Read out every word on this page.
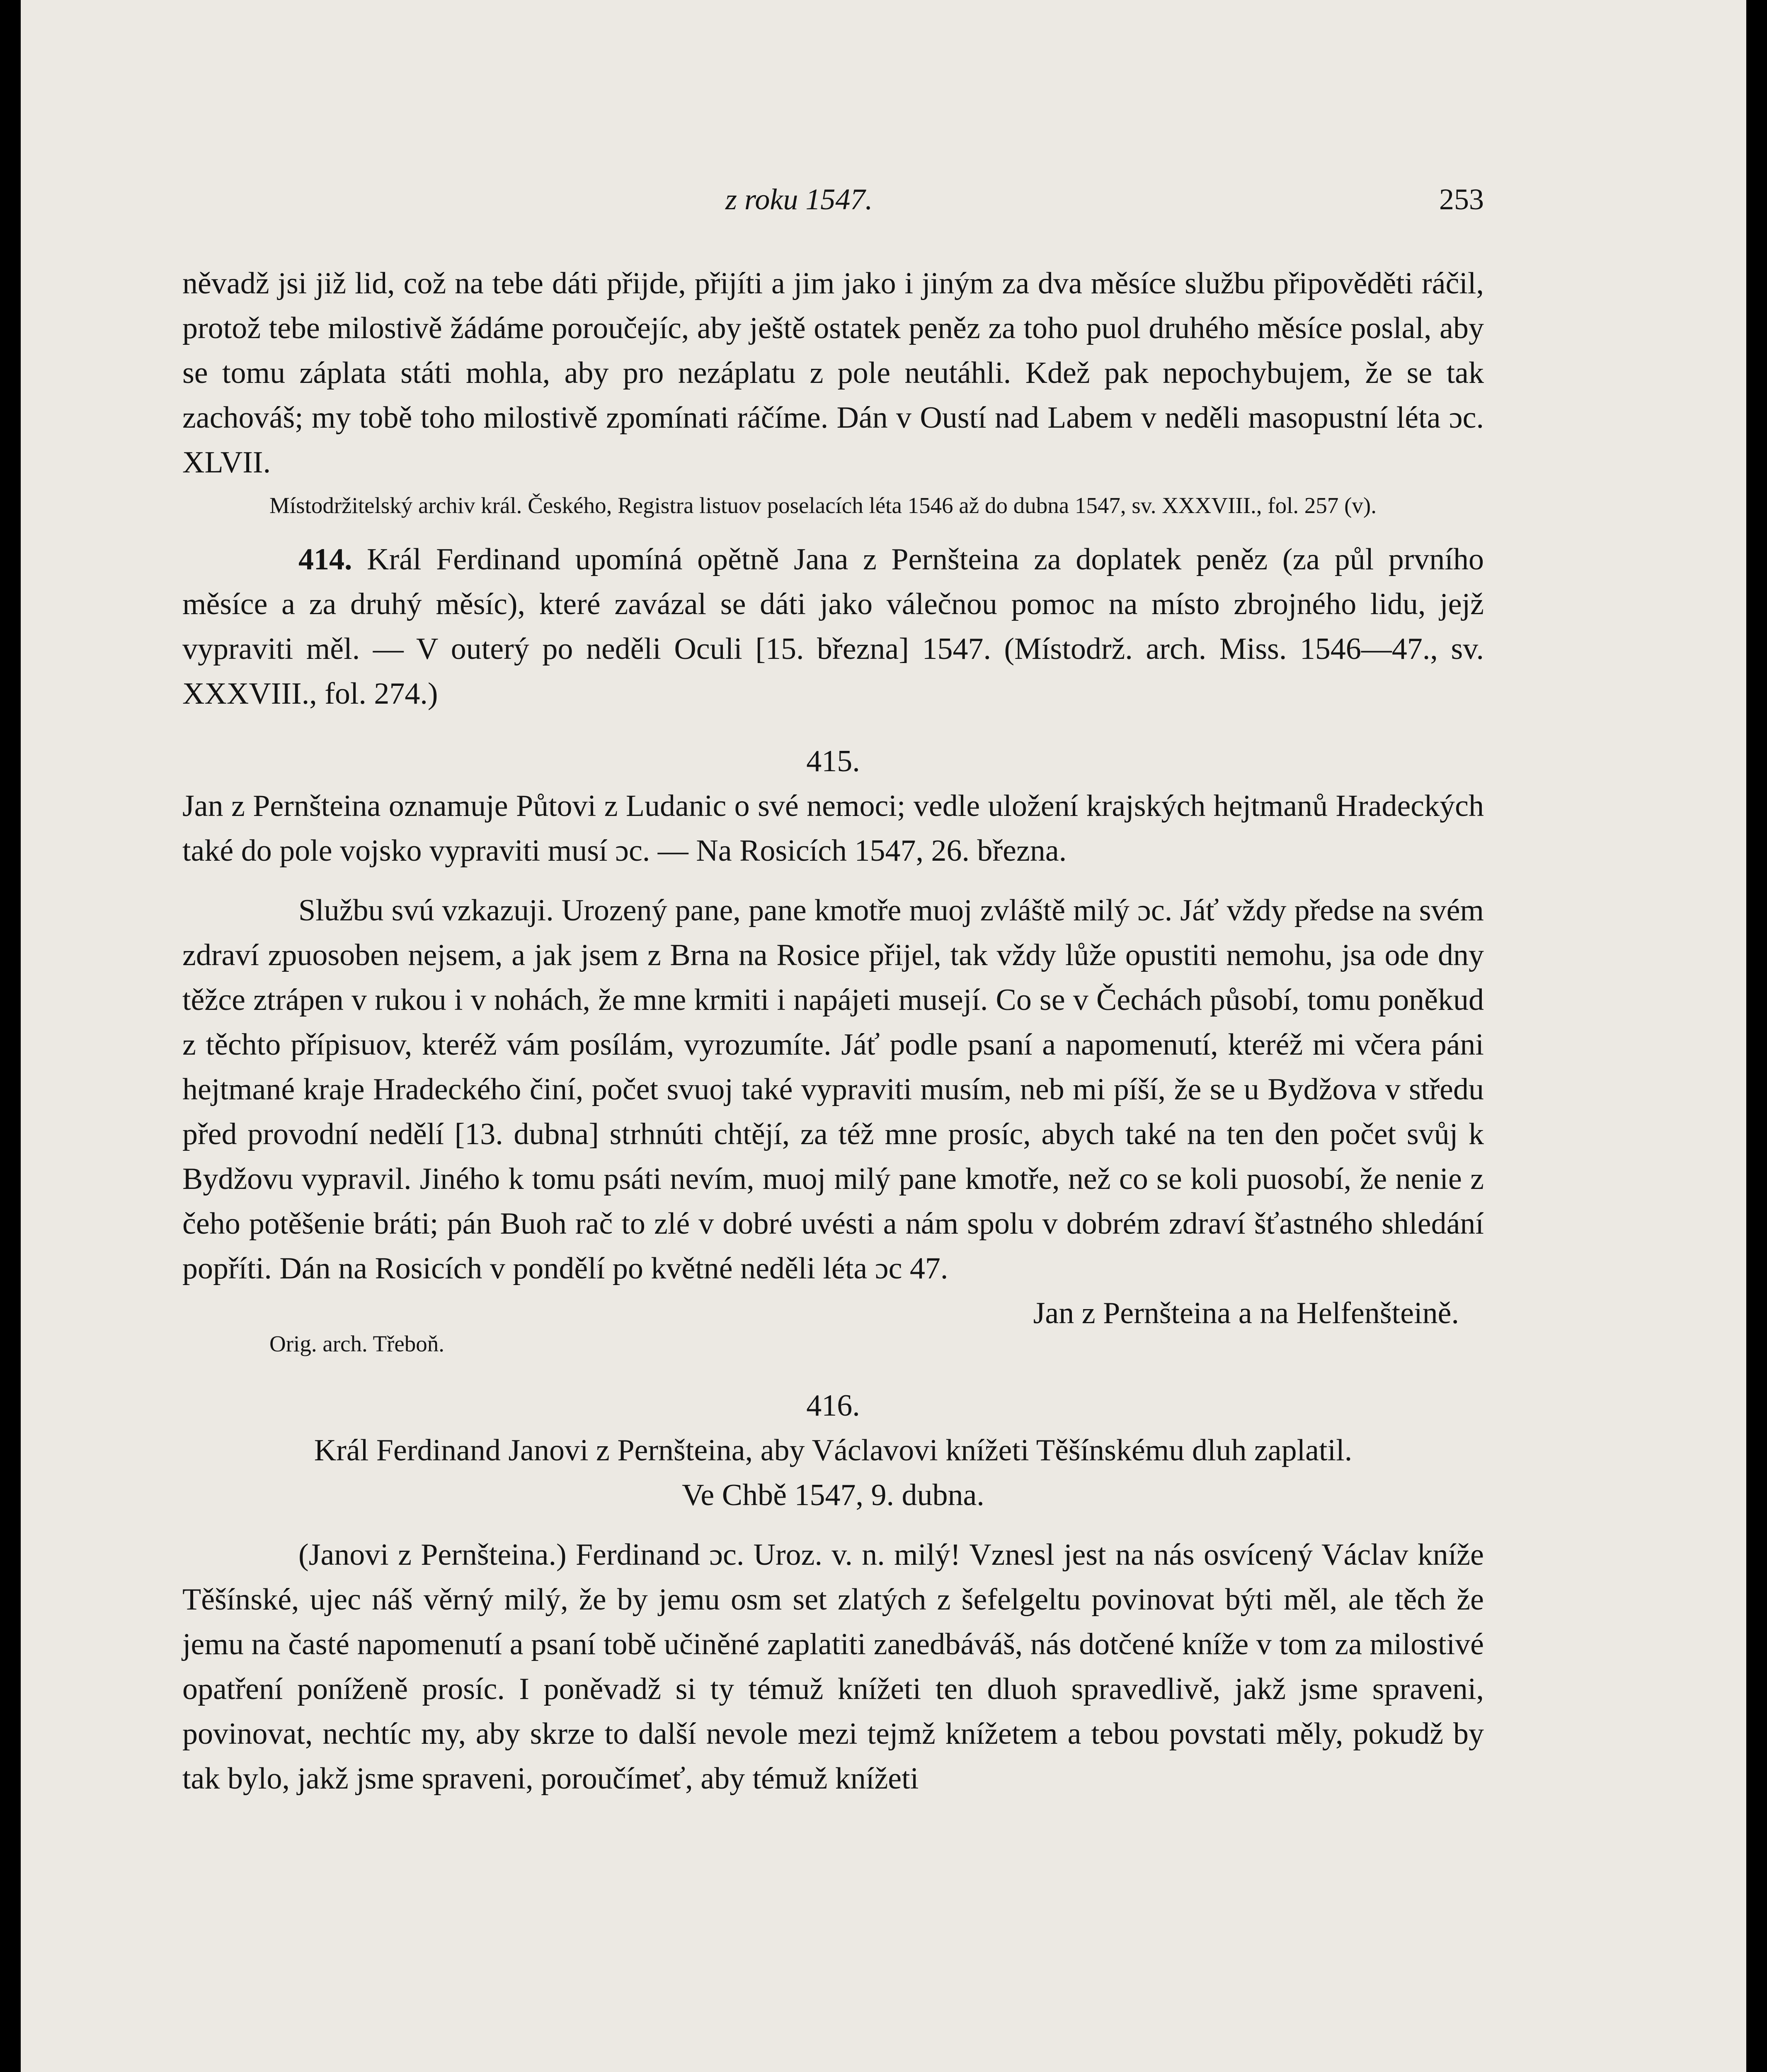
z roku 1547.	253

něvadž jsi již lid, což na tebe dáti přijde, přijíti a jim jako i jiným za dva měsíce službu připověděti ráčil, protož tebe milostivě žádáme poroučejíc, aby ještě ostatek peněz za toho puol druhého měsíce poslal, aby se tomu záplata státi mohla, aby pro nezáplatu z pole neutáhli. Kdež pak nepochybujem, že se tak zachováš; my tobě toho milostivě zpomínati ráčíme. Dán v Oustí nad Labem v neděli masopustní léta ɔc. XLVII.

Místodržitelský archiv král. Českého, Registra listuov poselacích léta 1546 až do dubna 1547, sv. XXXVIII., fol. 257 (v).

414. Král Ferdinand upomíná opětně Jana z Pernšteina za doplatek peněz (za půl prvního měsíce a za druhý měsíc), které zavázal se dáti jako válečnou pomoc na místo zbrojného lidu, jejž vypraviti měl. — V outerý po neděli Oculi [15. března] 1547. (Místodrž. arch. Miss. 1546—47., sv. XXXVIII., fol. 274.)

415.

Jan z Pernšteina oznamuje Půtovi z Ludanic o své nemoci; vedle uložení krajských hejtmanů Hradeckých také do pole vojsko vypraviti musí ɔc. — Na Rosicích 1547, 26. března.

Službu svú vzkazuji. Urozený pane, pane kmotře muoj zvláště milý ɔc. Jáť vždy předse na svém zdraví zpuosoben nejsem, a jak jsem z Brna na Rosice přijel, tak vždy lůže opustiti nemohu, jsa ode dny těžce ztrápen v rukou i v nohách, že mne krmiti i napájeti musejí. Co se v Čechách působí, tomu poněkud z těchto přípisuov, kteréž vám posílám, vyrozumíte. Jáť podle psaní a napomenutí, kteréž mi včera páni hejtmané kraje Hradeckého činí, počet svuoj také vypraviti musím, neb mi píší, že se u Bydžova v středu před provodní nedělí [13. dubna] strhnúti chtějí, za též mne prosíc, abych také na ten den počet svůj k Bydžovu vypravil. Jiného k tomu psáti nevím, muoj milý pane kmotře, než co se koli puosobí, že nenie z čeho potěšenie bráti; pán Buoh rač to zlé v dobré uvésti a nám spolu v dobrém zdraví šťastného shledání popříti. Dán na Rosicích v pondělí po květné neděli léta ɔc 47.

Jan z Pernšteina a na Helfenšteině.

Orig. arch. Třeboň.

416.

Král Ferdinand Janovi z Pernšteina, aby Václavovi knížeti Těšínskému dluh zaplatil.
Ve Chbě 1547, 9. dubna.

(Janovi z Pernšteina.) Ferdinand ɔc. Uroz. v. n. milý! Vznesl jest na nás osvícený Václav kníže Těšínské, ujec náš věrný milý, že by jemu osm set zlatých z šefelgeltu povinovat býti měl, ale těch že jemu na časté napomenutí a psaní tobě učiněné zaplatiti zanedbáváš, nás dotčené kníže v tom za milostivé opatření poníženě prosíc. I poněvadž si ty témuž knížeti ten dluoh spravedlivě, jakž jsme spraveni, povinovat, nechtíc my, aby skrze to další nevole mezi tejmž knížetem a tebou povstati měly, pokudž by tak bylo, jakž jsme spraveni, poroučímeť, aby témuž knížeti
